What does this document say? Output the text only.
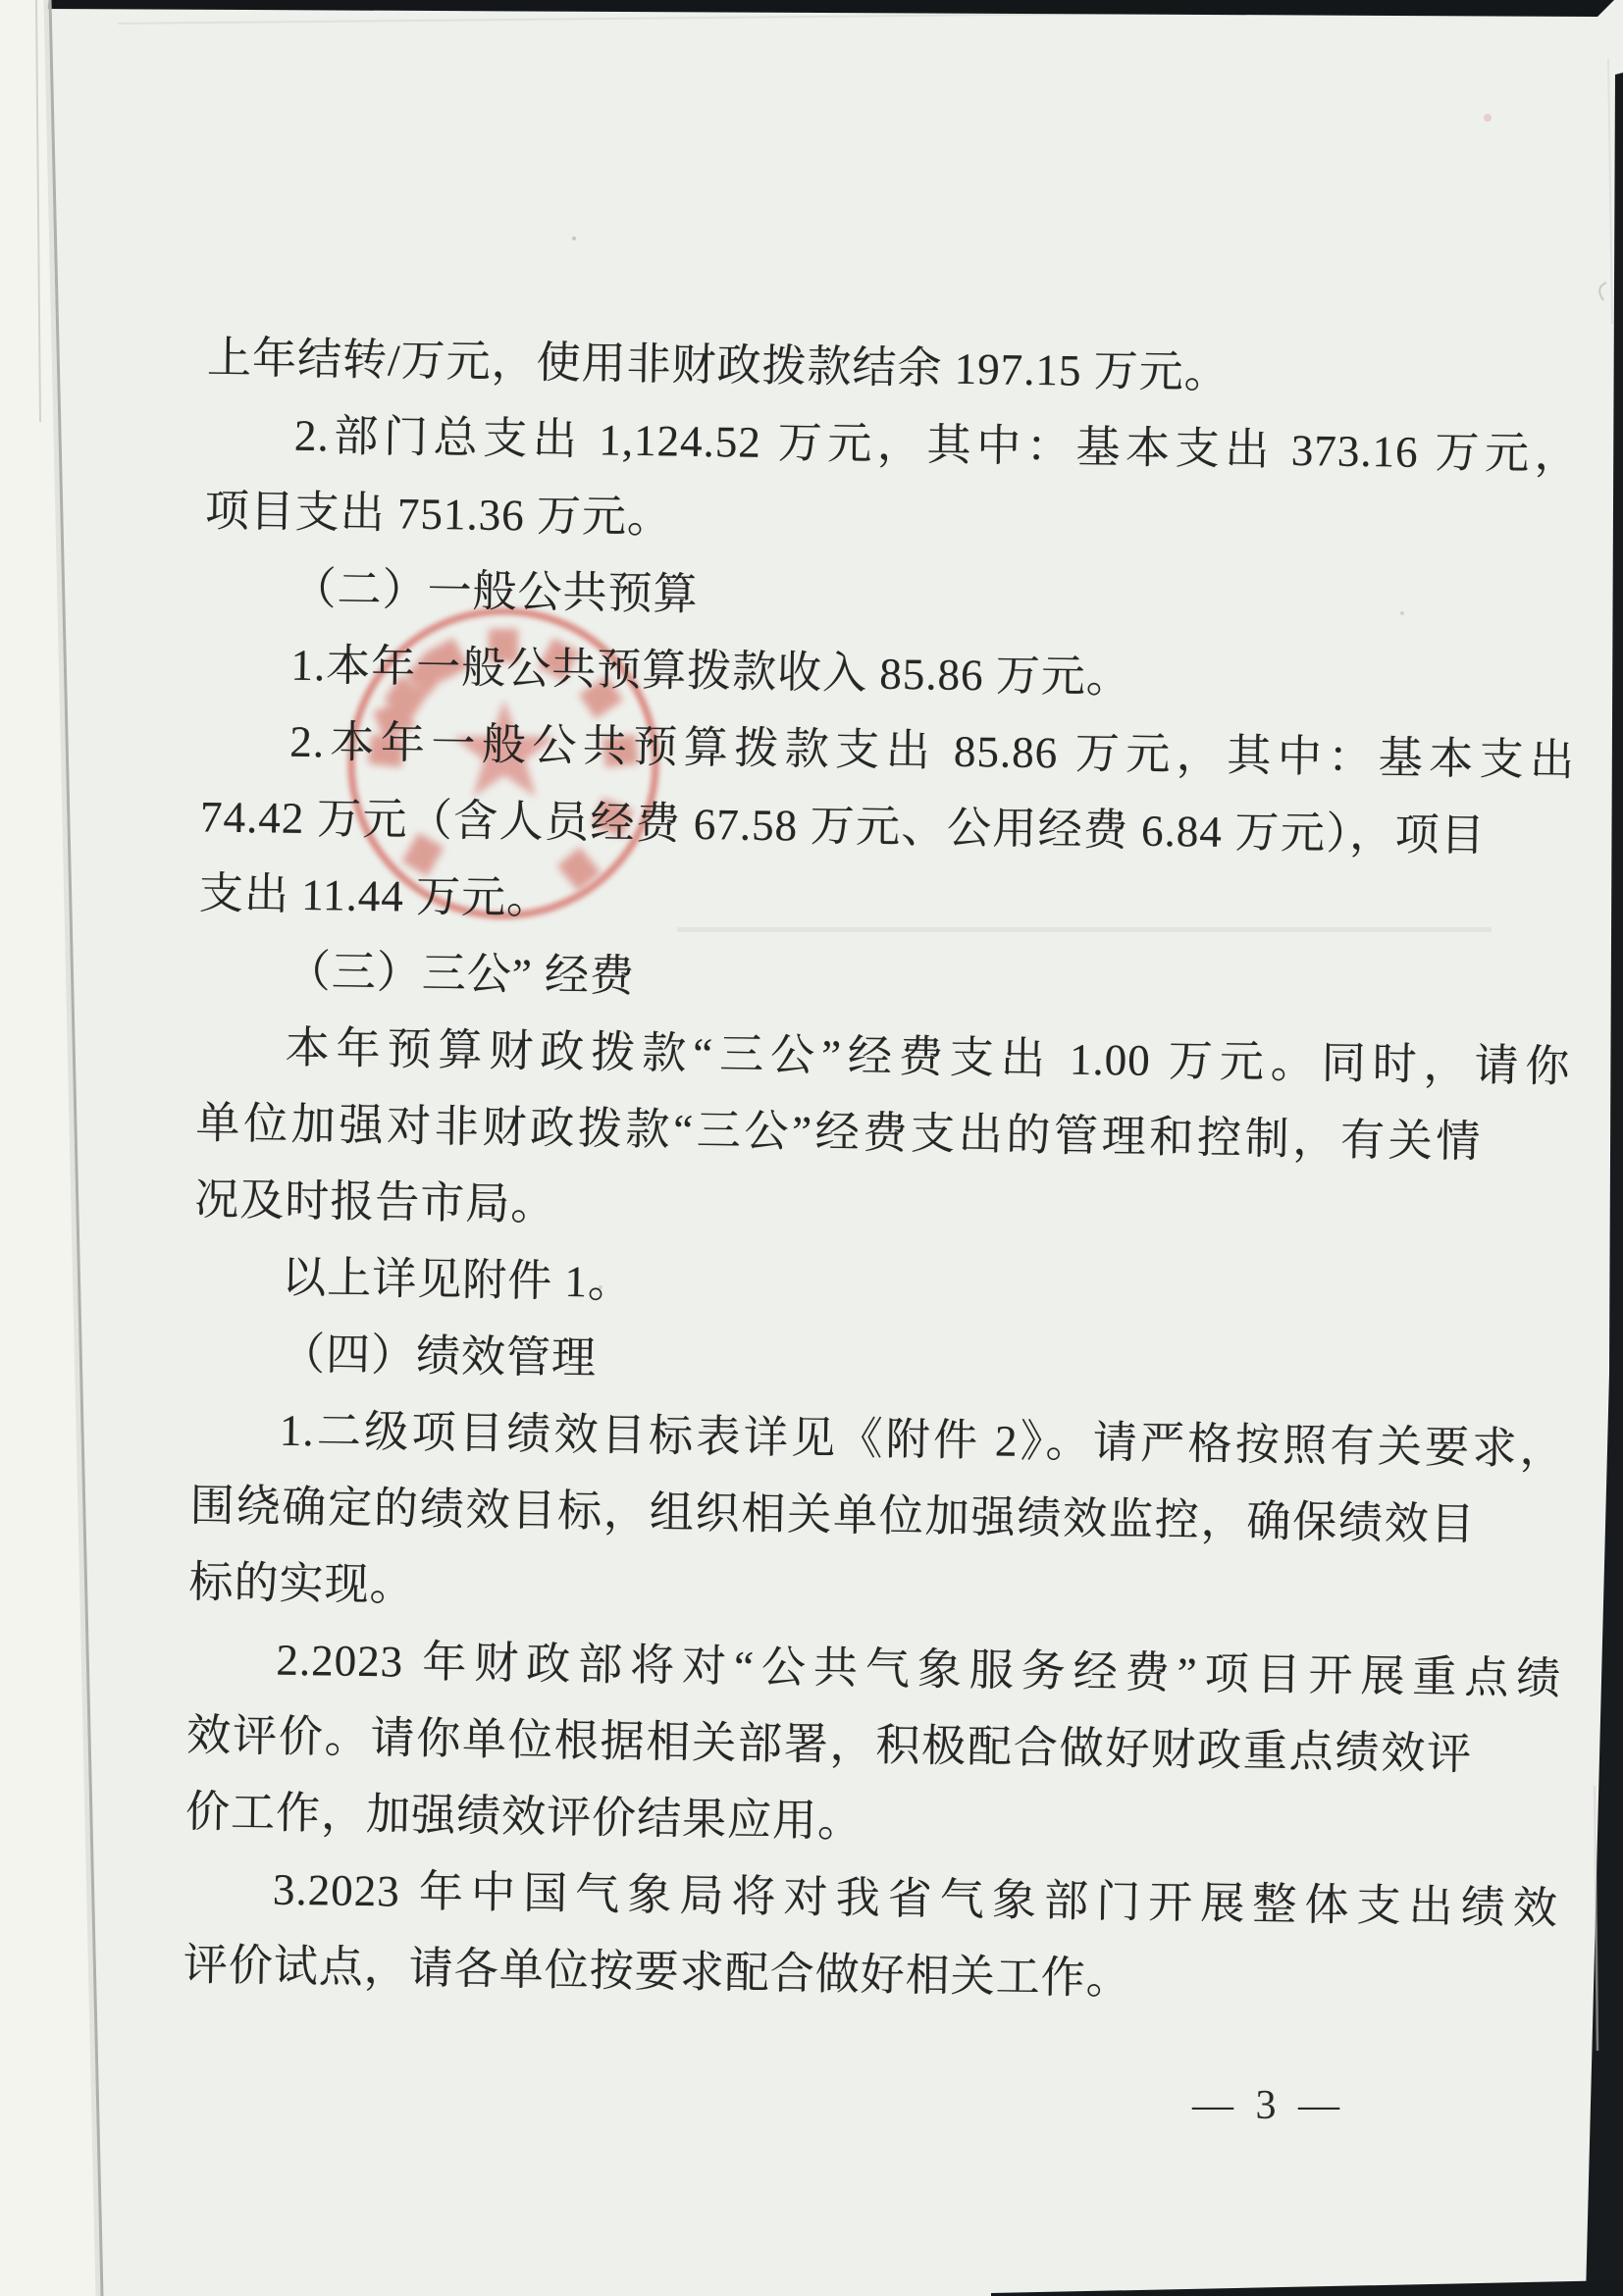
上年结转/万元，使用非财政拨款结余 197.15 万元。
2.部门总支出 1,124.52 万元，其中：基本支出 373.16 万元，
项目支出 751.36 万元。
（二）一般公共预算
1.本年一般公共预算拨款收入 85.86 万元。
2.本年一般公共预算拨款支出 85.86 万元，其中：基本支出
74.42 万元（含人员经费 67.58 万元、公用经费 6.84 万元），项目
支出 11.44 万元。
（三）三公” 经费
本年预算财政拨款“三公”经费支出 1.00 万元。同时，请你
单位加强对非财政拨款“三公”经费支出的管理和控制，有关情
况及时报告市局。
以上详见附件 1。
（四）绩效管理
1.二级项目绩效目标表详见《附件 2》。请严格按照有关要求，
围绕确定的绩效目标，组织相关单位加强绩效监控，确保绩效目
标的实现。
2.2023 年财政部将对“公共气象服务经费”项目开展重点绩
效评价。请你单位根据相关部署，积极配合做好财政重点绩效评
价工作，加强绩效评价结果应用。
3.2023 年中国气象局将对我省气象部门开展整体支出绩效
评价试点，请各单位按要求配合做好相关工作。
— 3 —
